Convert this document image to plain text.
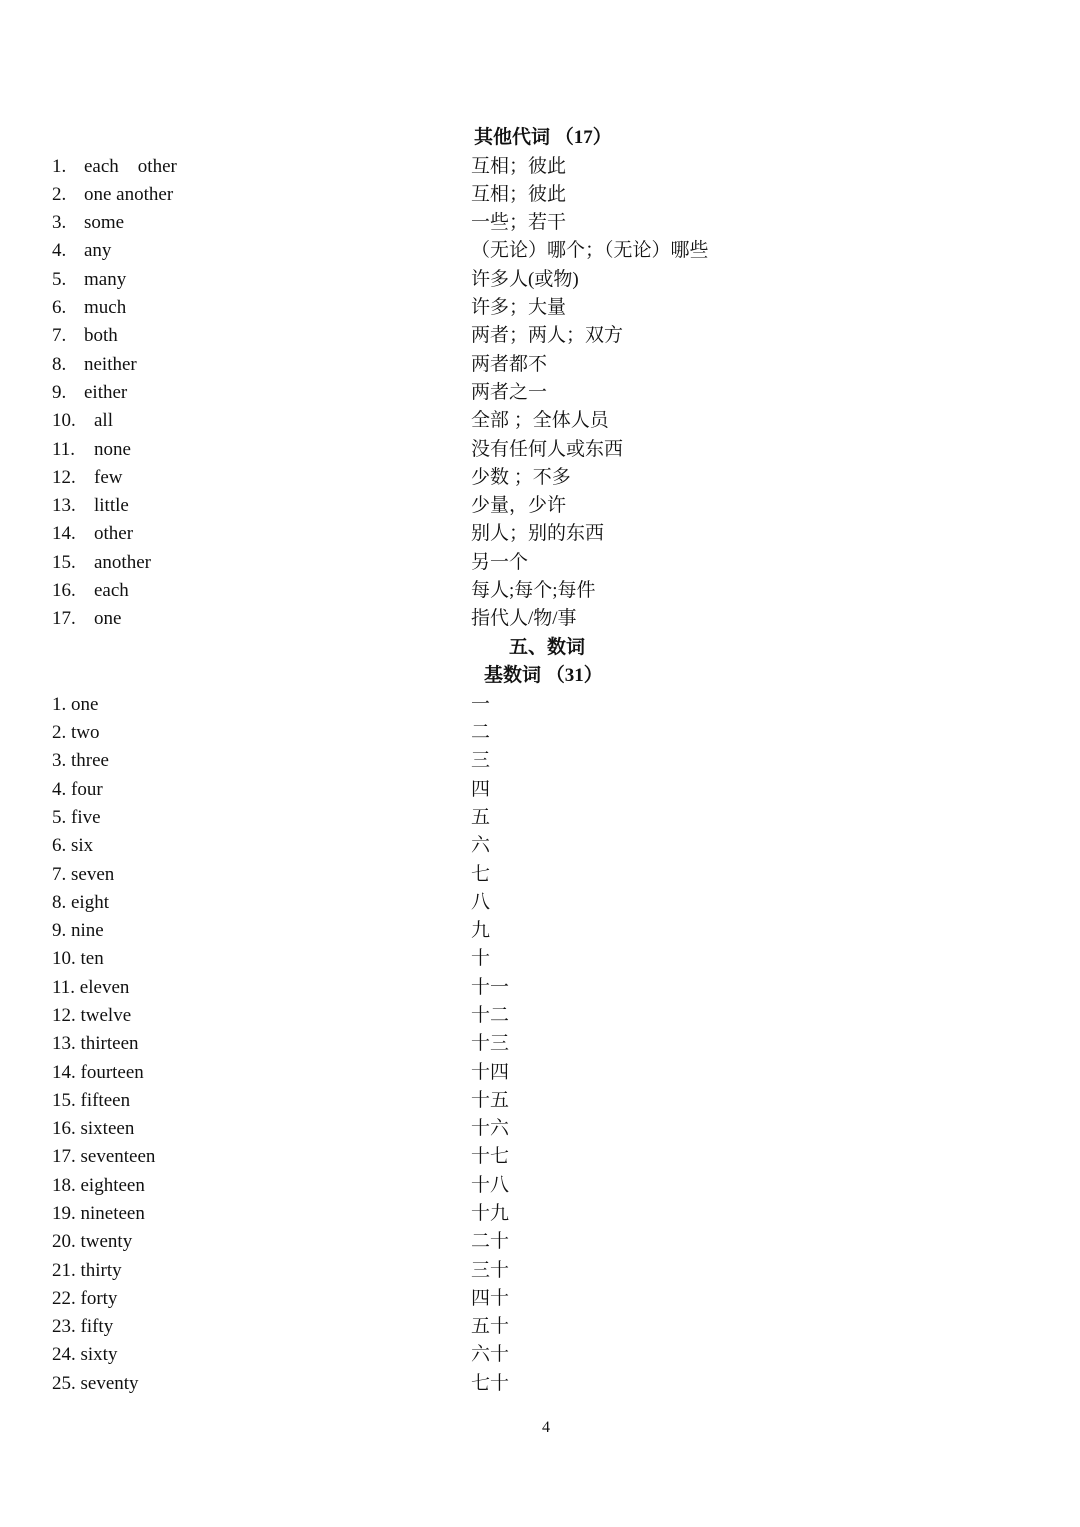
其他代词 （17）
1. each    other	互相；彼此
2. one another	互相；彼此
3. some	一些；若干
4. any	（无论）哪个；（无论）哪些
5. many	许多人(或物)
6. much	许多；大量
7. both	两者；两人；双方
8. neither	两者都不
9. either	两者之一
10. all	全部 ；全体人员
11. none	没有任何人或东西
12. few	少数 ；不多
13. little	少量，少许
14. other	别人；别的东西
15. another	另一个
16. each	每人;每个;每件
17. one	指代人/物/事
五、数词
基数词 （31）
1. one	一
2. two	二
3. three	三
4. four	四
5. five	五
6. six	六
7. seven	七
8. eight	八
9. nine	九
10. ten	十
11. eleven	十一
12. twelve	十二
13. thirteen	十三
14. fourteen	十四
15. fifteen	十五
16. sixteen	十六
17. seventeen	十七
18. eighteen	十八
19. nineteen	十九
20. twenty	二十
21. thirty	三十
22. forty	四十
23. fifty	五十
24. sixty	六十
25. seventy	七十
4
